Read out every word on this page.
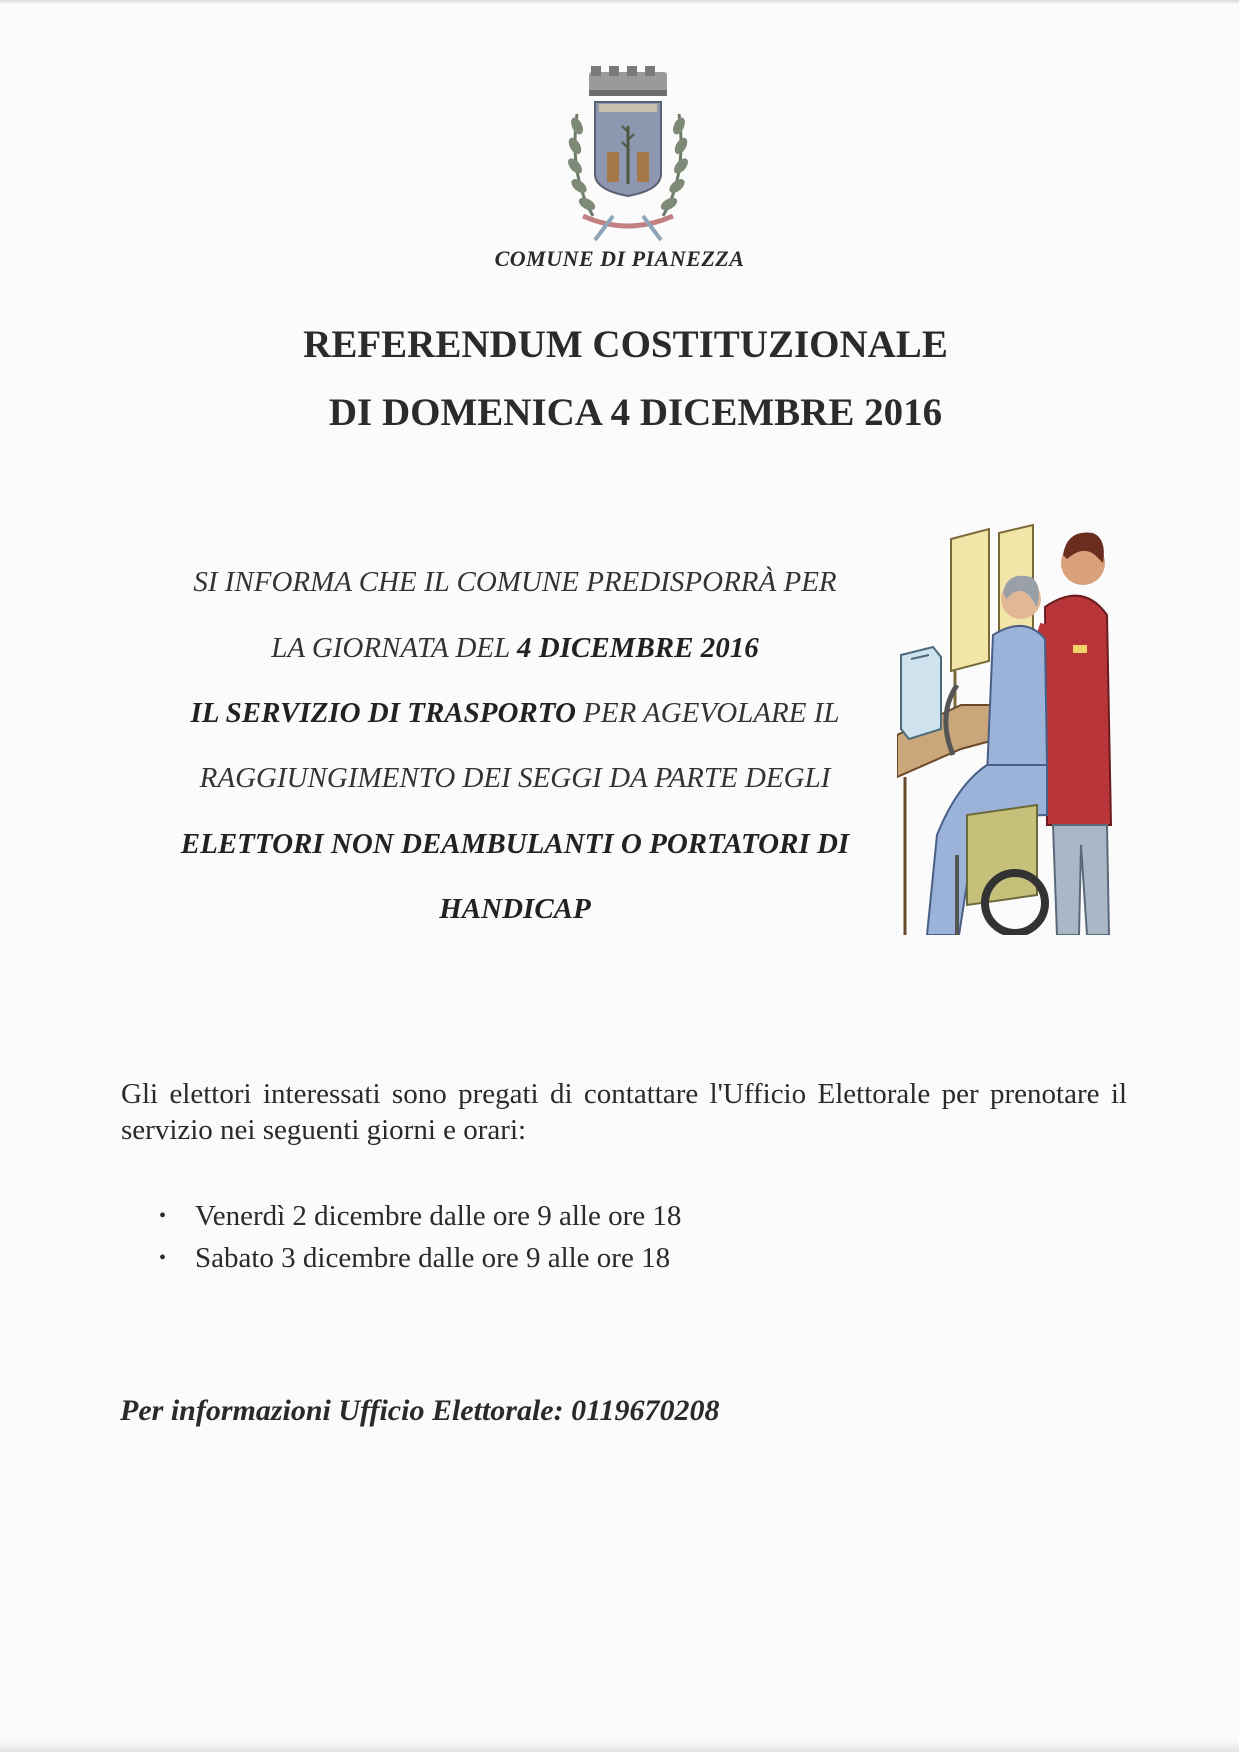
COMUNE DI PIANEZZA
REFERENDUM COSTITUZIONALE
DI DOMENICA 4 DICEMBRE 2016
SI INFORMA CHE IL COMUNE PREDISPORRÀ PER
LA GIORNATA DEL 4 DICEMBRE 2016
IL SERVIZIO DI TRASPORTO PER AGEVOLARE IL
RAGGIUNGIMENTO DEI SEGGI DA PARTE DEGLI
ELETTORI NON DEAMBULANTI O PORTATORI DI
HANDICAP
Gli elettori interessati sono pregati di contattare l'Ufficio Elettorale per prenotare il servizio nei seguenti giorni e orari:
• Venerdì 2 dicembre dalle ore 9 alle ore 18
• Sabato 3 dicembre dalle ore 9 alle ore 18
Per informazioni Ufficio Elettorale: 0119670208
